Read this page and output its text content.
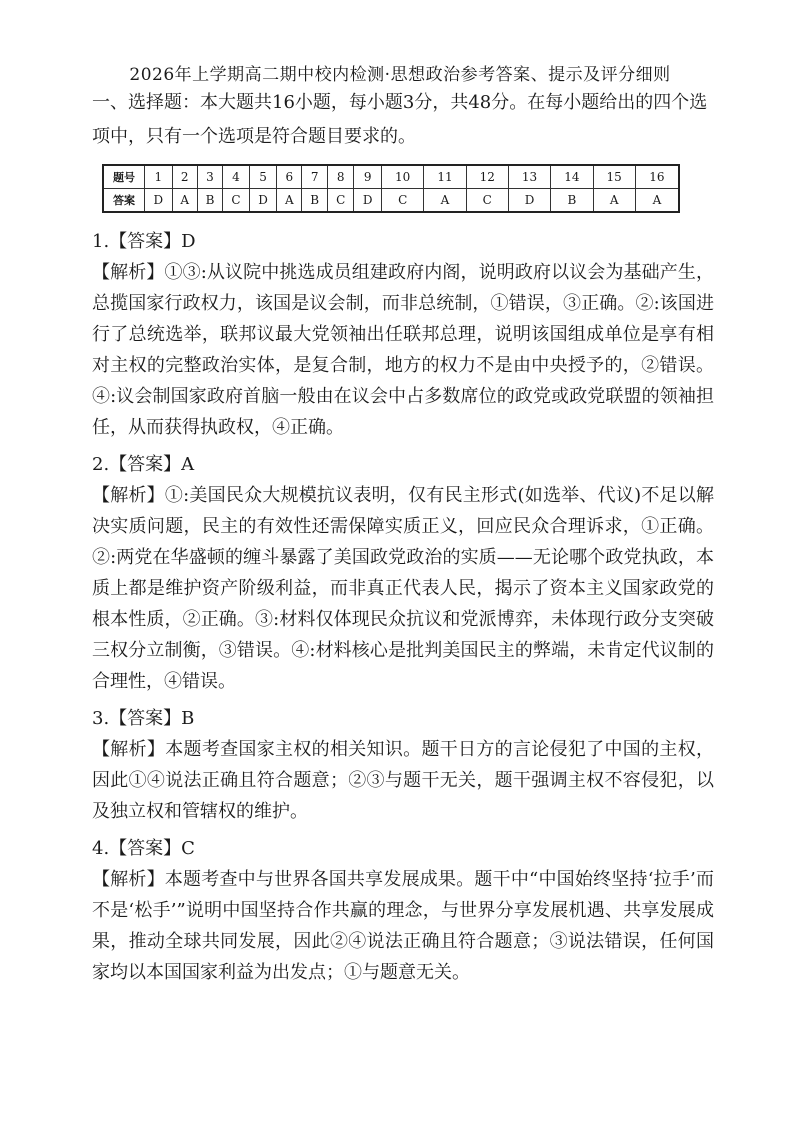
2026年上学期高二期中校内检测·思想政治参考答案、提示及评分细则
一、选择题：本大题共16小题，每小题3分，共48分。在每小题给出的四个选项中，只有一个选项是符合题目要求的。
题号	1	2	3	4	5	6	7	8	9	10	11	12	13	14	15	16
答案	D	A	B	C	D	A	B	C	D	C	A	C	D	B	A	A

1.【答案】D

【解析】①③:从议院中挑选成员组建政府内阁，说明政府以议会为基础产生，总揽国家行政权力，该国是议会制，而非总统制，①错误，③正确。②:该国进行了总统选举，联邦议最大党领袖出任联邦总理，说明该国组成单位是享有相对主权的完整政治实体，是复合制，地方的权力不是由中央授予的，②错误。④:议会制国家政府首脑一般由在议会中占多数席位的政党或政党联盟的领袖担任，从而获得执政权，④正确。

2.【答案】A

【解析】①:美国民众大规模抗议表明，仅有民主形式(如选举、代议)不足以解决实质问题，民主的有效性还需保障实质正义，回应民众合理诉求，①正确。②:两党在华盛顿的缠斗暴露了美国政党政治的实质——无论哪个政党执政，本质上都是维护资产阶级利益，而非真正代表人民，揭示了资本主义国家政党的根本性质，②正确。③:材料仅体现民众抗议和党派博弈，未体现行政分支突破三权分立制衡，③错误。④:材料核心是批判美国民主的弊端，未肯定代议制的合理性，④错误。

3.【答案】B

【解析】本题考查国家主权的相关知识。题干日方的言论侵犯了中国的主权，因此①④说法正确且符合题意；②③与题干无关，题干强调主权不容侵犯，以及独立权和管辖权的维护。

4.【答案】C

【解析】本题考查中与世界各国共享发展成果。题干中“中国始终坚持‘拉手’而不是‘松手’”说明中国坚持合作共赢的理念，与世界分享发展机遇、共享发展成果，推动全球共同发展，因此②④说法正确且符合题意；③说法错误，任何国家均以本国国家利益为出发点；①与题意无关。
